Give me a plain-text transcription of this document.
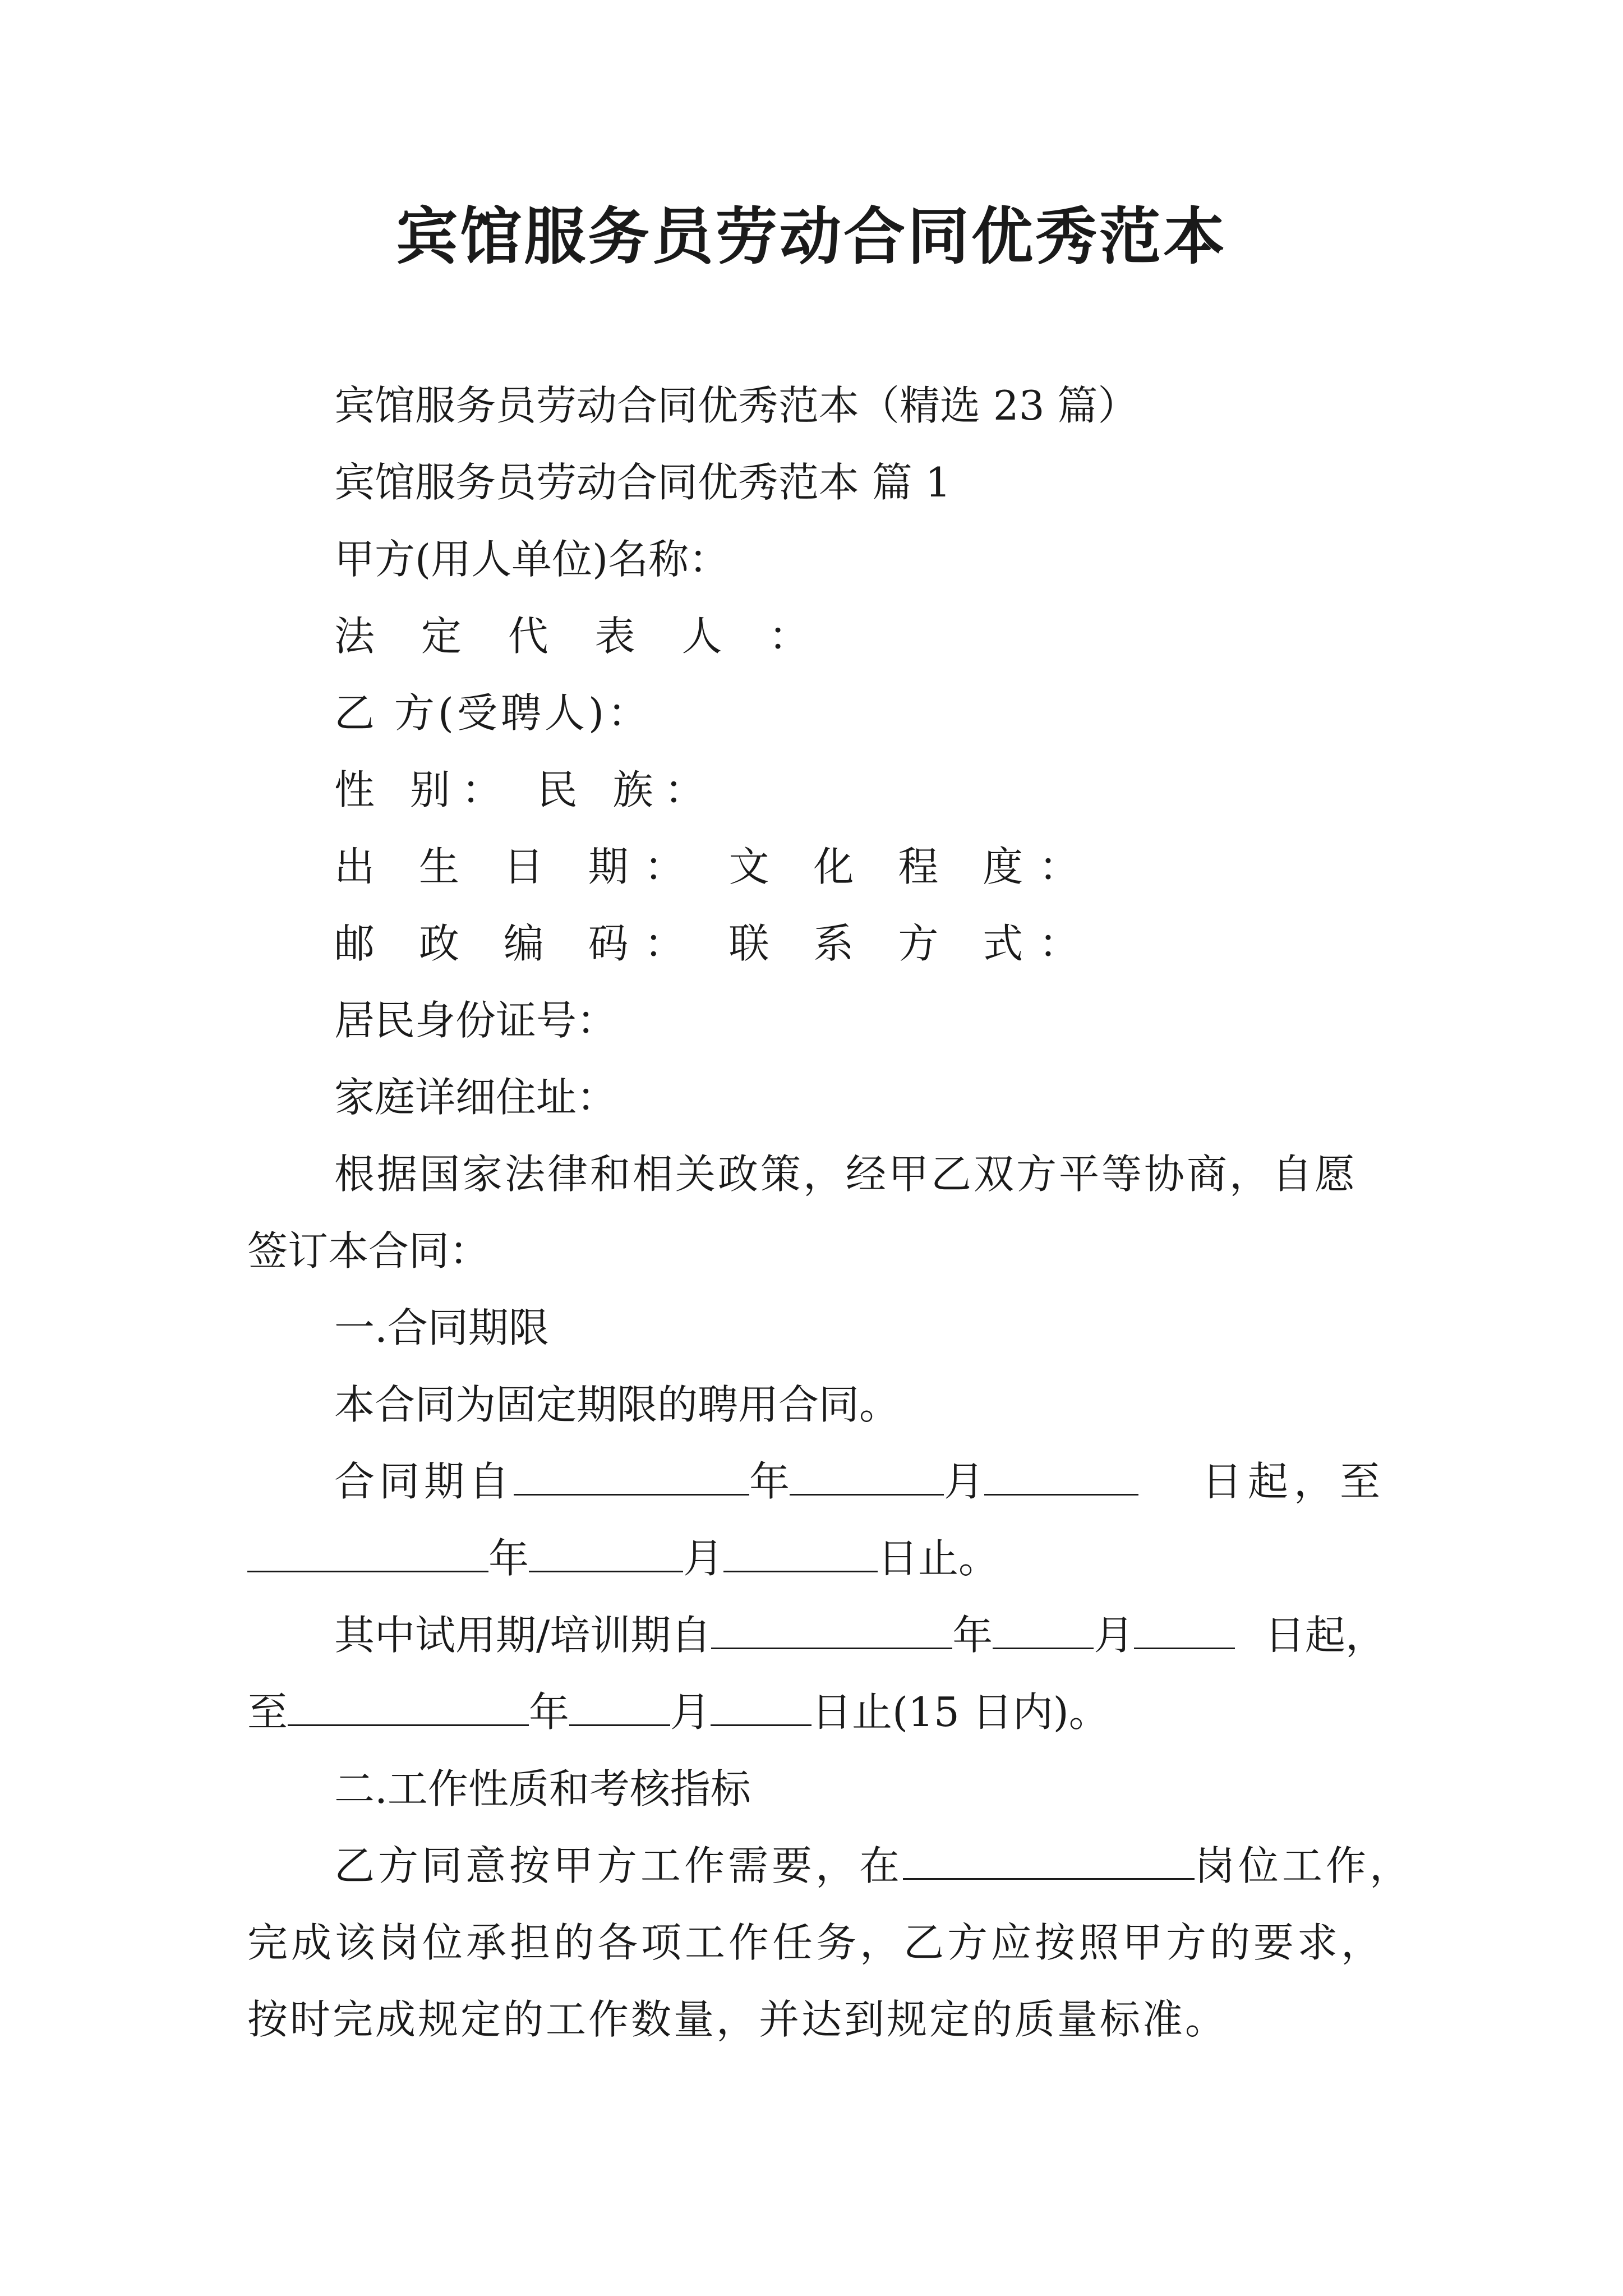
宾馆服务员劳动合同优秀范本
宾馆服务员劳动合同优秀范本（精选 23 篇）
宾馆服务员劳动合同优秀范本 篇 1
甲方(用人单位)名称：
法 定 代 表 人 ：
乙 方(受聘人)：
性 别： 民 族：
出 生 日 期： 文 化 程 度：
邮 政 编 码： 联 系 方 式：
居民身份证号：
家庭详细住址：
根据国家法律和相关政策，经甲乙双方平等协商，自愿
签订本合同：
一.合同期限
本合同为固定期限的聘用合同。
合同期自	年	月	日起，至
年	月	日止。
其中试用期/培训期自	年	月	日起，
至	年	月	日止(15 日内)。
二.工作性质和考核指标
乙方同意按甲方工作需要，在	岗位工作，
完成该岗位承担的各项工作任务，乙方应按照甲方的要求，
按时完成规定的工作数量，并达到规定的质量标准。
